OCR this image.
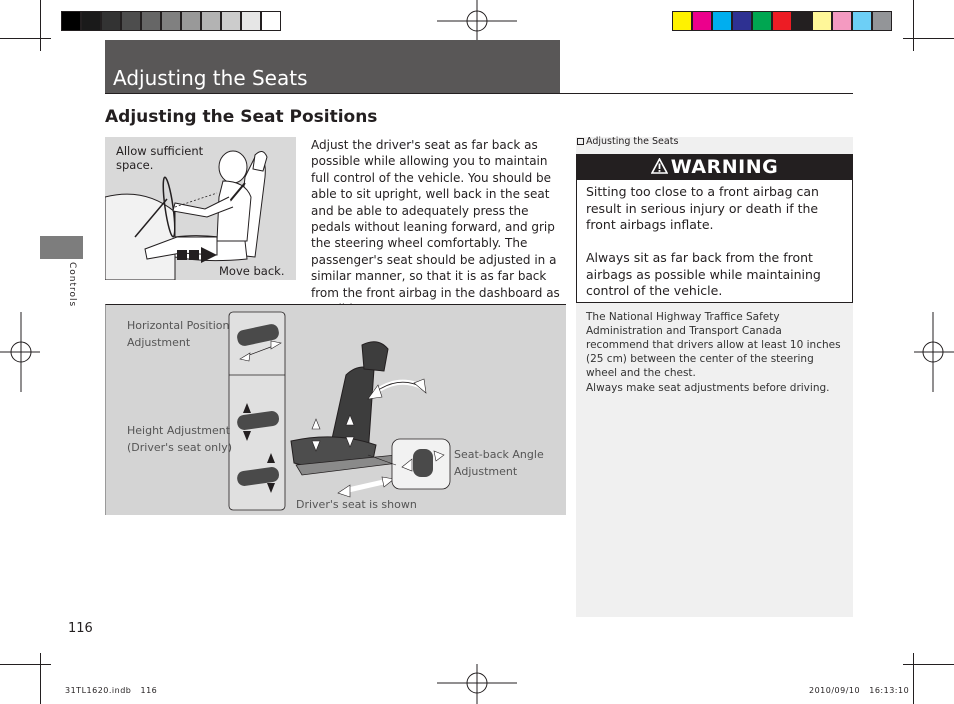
Adjusting the Seats
Controls
Adjusting the Seat Positions
Allow sufficient space.
Move back.
Adjust the driver's seat as far back as possible while allowing you to maintain full control of the vehicle. You should be able to sit upright, well back in the seat and be able to adequately press the pedals without leaning forward, and grip the steering wheel comfortably. The passenger's seat should be adjusted in a similar manner, so that it is as far back from the front airbag in the dashboard as
Horizontal Position Adjustment
Height Adjustment (Driver's seat only)
Seat-back Angle Adjustment
Driver's seat is shown
Adjusting the Seats
WARNING
Sitting too close to a front airbag can result in serious injury or death if the front airbags inflate.
Always sit as far back from the front airbags as possible while maintaining control of the vehicle.
The National Highway Traffice Safety Administration and Transport Canada recommend that drivers allow at least 10 inches (25 cm) between the center of the steering wheel and the chest.
Always make seat adjustments before driving.
116
31TL1620.indb   116	2010/09/10   16:13:10
